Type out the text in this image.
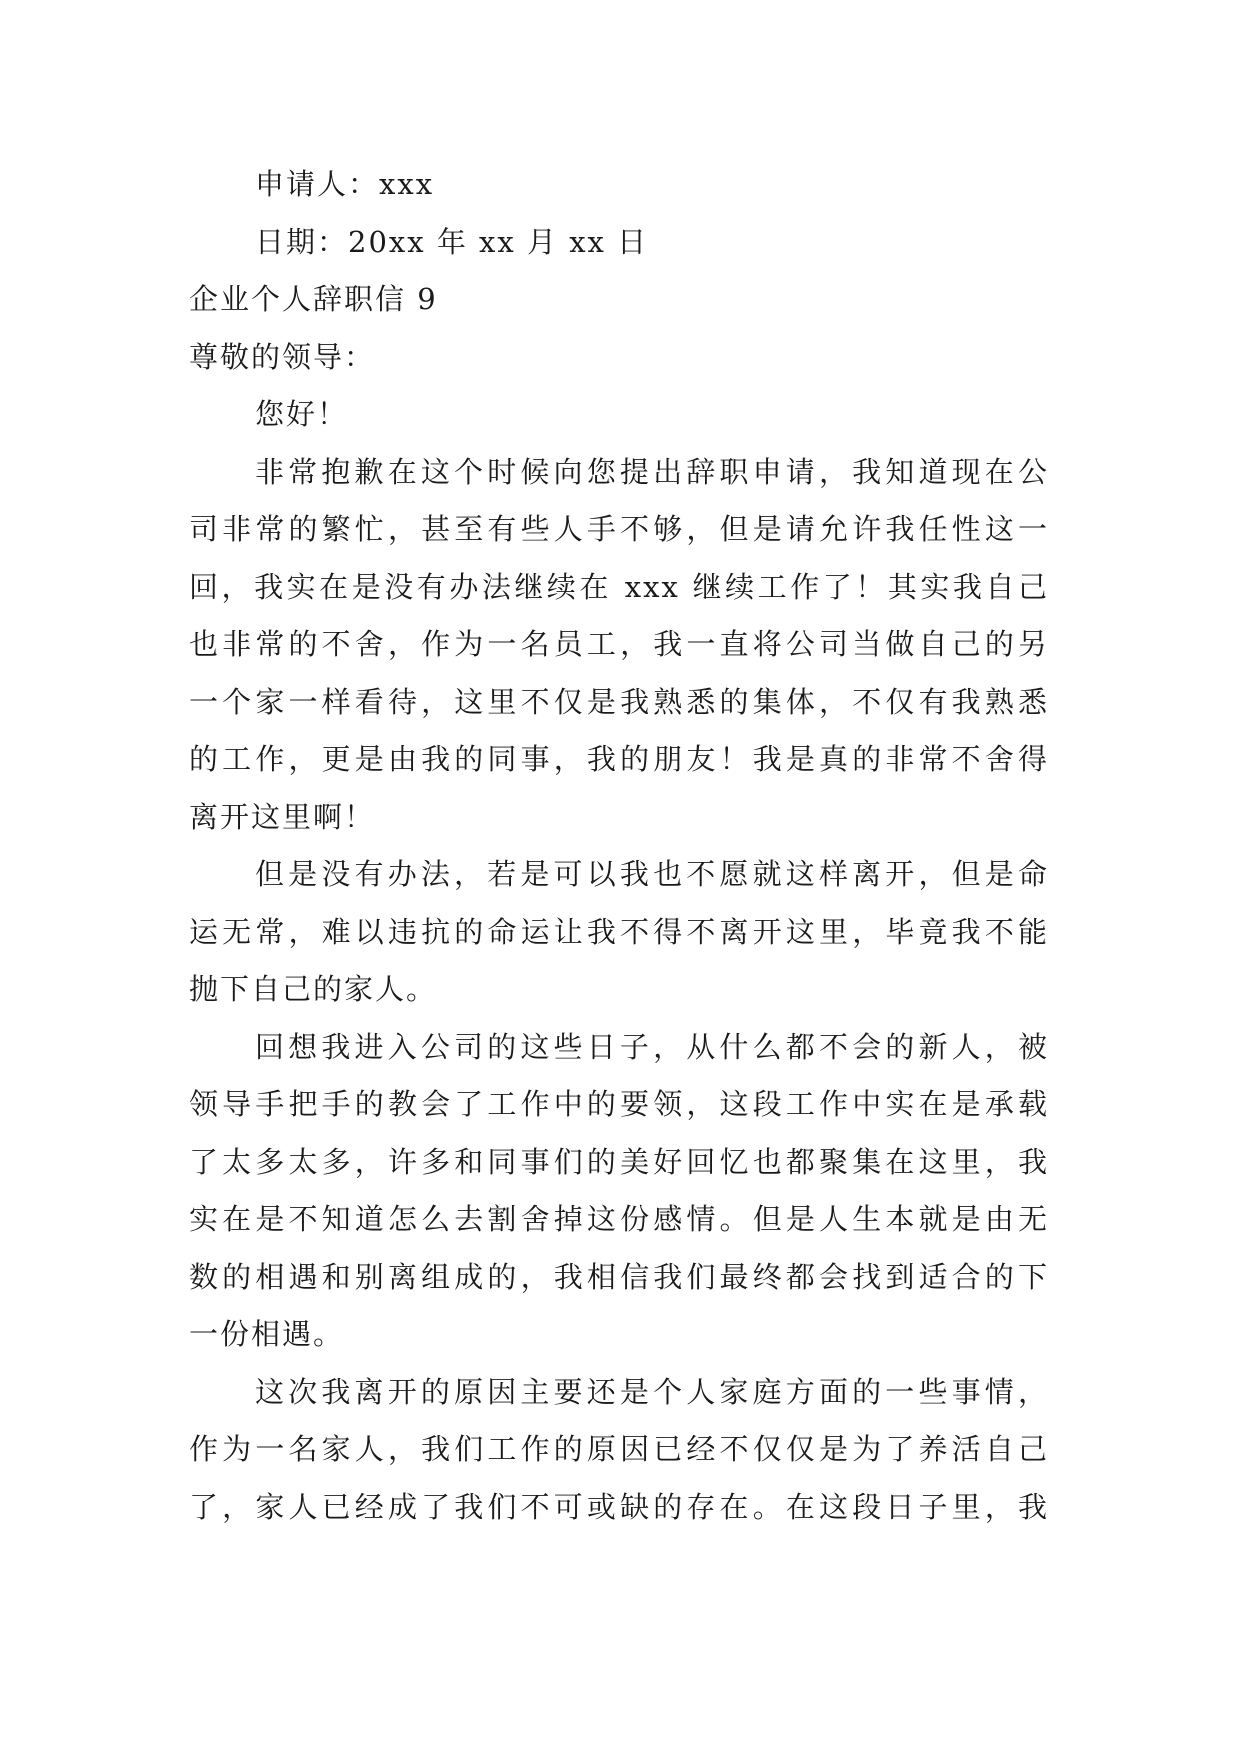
申请人：xxx
日期：20xx 年 xx 月 xx 日
企业个人辞职信 9
尊敬的领导：
您好！
非常抱歉在这个时候向您提出辞职申请，我知道现在公
司非常的繁忙，甚至有些人手不够，但是请允许我任性这一
回，我实在是没有办法继续在 xxx 继续工作了！其实我自己
也非常的不舍，作为一名员工，我一直将公司当做自己的另
一个家一样看待，这里不仅是我熟悉的集体，不仅有我熟悉
的工作，更是由我的同事，我的朋友！我是真的非常不舍得
离开这里啊！
但是没有办法，若是可以我也不愿就这样离开，但是命
运无常，难以违抗的命运让我不得不离开这里，毕竟我不能
抛下自己的家人。
回想我进入公司的这些日子，从什么都不会的新人，被
领导手把手的教会了工作中的要领，这段工作中实在是承载
了太多太多，许多和同事们的美好回忆也都聚集在这里，我
实在是不知道怎么去割舍掉这份感情。但是人生本就是由无
数的相遇和别离组成的，我相信我们最终都会找到适合的下
一份相遇。
这次我离开的原因主要还是个人家庭方面的一些事情，
作为一名家人，我们工作的原因已经不仅仅是为了养活自己
了，家人已经成了我们不可或缺的存在。在这段日子里，我
